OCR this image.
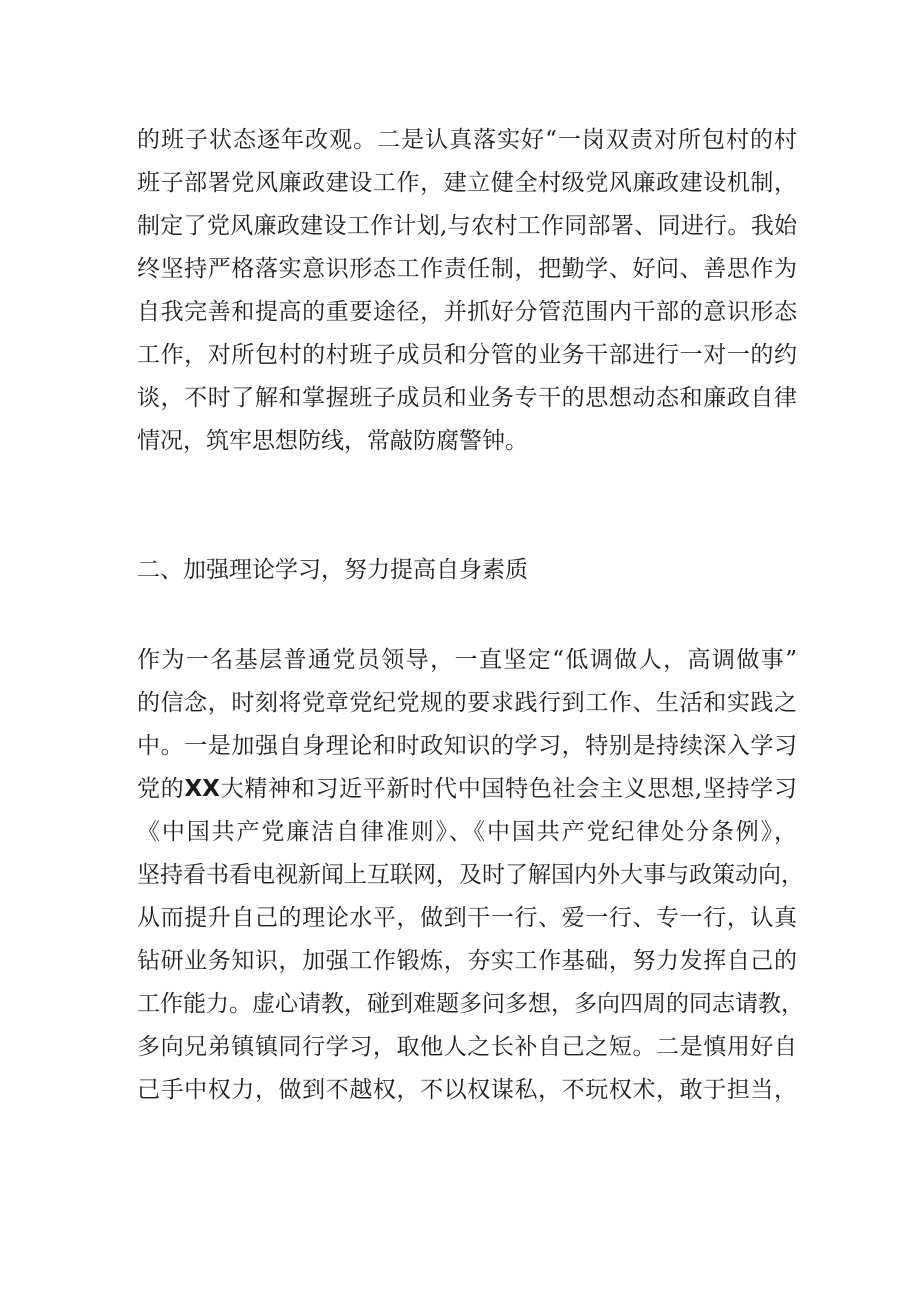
的班子状态逐年改观。二是认真落实好“一岗双责对所包村的村
班子部署党风廉政建设工作，建立健全村级党风廉政建设机制，
制定了党风廉政建设工作计划,与农村工作同部署、同进行。我始
终坚持严格落实意识形态工作责任制，把勤学、好问、善思作为
自我完善和提高的重要途径，并抓好分管范围内干部的意识形态
工作，对所包村的村班子成员和分管的业务干部进行一对一的约
谈，不时了解和掌握班子成员和业务专干的思想动态和廉政自律
情况，筑牢思想防线，常敲防腐警钟。
二、加强理论学习，努力提高自身素质
作为一名基层普通党员领导，一直坚定“低调做人，高调做事”
的信念，时刻将党章党纪党规的要求践行到工作、生活和实践之
中。一是加强自身理论和时政知识的学习，特别是持续深入学习
党的XX大精神和习近平新时代中国特色社会主义思想,坚持学习
《中国共产党廉洁自律准则》、《中国共产党纪律处分条例》，
坚持看书看电视新闻上互联网，及时了解国内外大事与政策动向，
从而提升自己的理论水平，做到干一行、爱一行、专一行，认真
钻研业务知识，加强工作锻炼，夯实工作基础，努力发挥自己的
工作能力。虚心请教，碰到难题多问多想，多向四周的同志请教，
多向兄弟镇镇同行学习，取他人之长补自己之短。二是慎用好自
己手中权力，做到不越权，不以权谋私，不玩权术，敢于担当，
